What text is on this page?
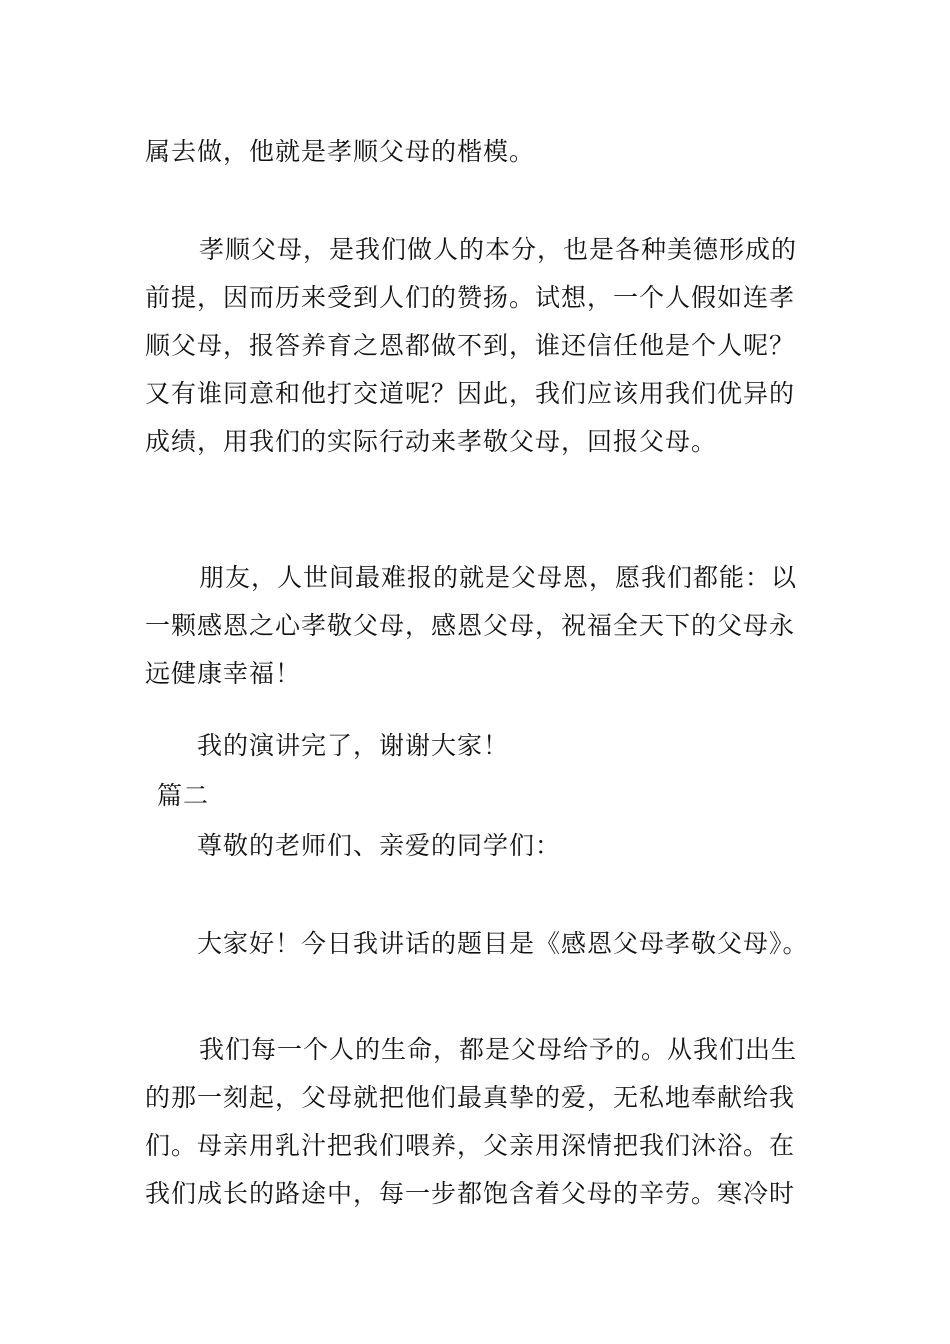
属去做，他就是孝顺父母的楷模。

孝顺父母，是我们做人的本分，也是各种美德形成的前提，因而历来受到人们的赞扬。试想，一个人假如连孝顺父母，报答养育之恩都做不到，谁还信任他是个人呢？又有谁同意和他打交道呢？因此，我们应该用我们优异的成绩，用我们的实际行动来孝敬父母，回报父母。

朋友，人世间最难报的就是父母恩，愿我们都能：以一颗感恩之心孝敬父母，感恩父母，祝福全天下的父母永远健康幸福！

我的演讲完了，谢谢大家！

篇二

尊敬的老师们、亲爱的同学们：

大家好！今日我讲话的题目是《感恩父母孝敬父母》。

我们每一个人的生命，都是父母给予的。从我们出生的那一刻起，父母就把他们最真挚的爱，无私地奉献给我们。母亲用乳汁把我们喂养，父亲用深情把我们沐浴。在我们成长的路途中，每一步都饱含着父母的辛劳。寒冷时
